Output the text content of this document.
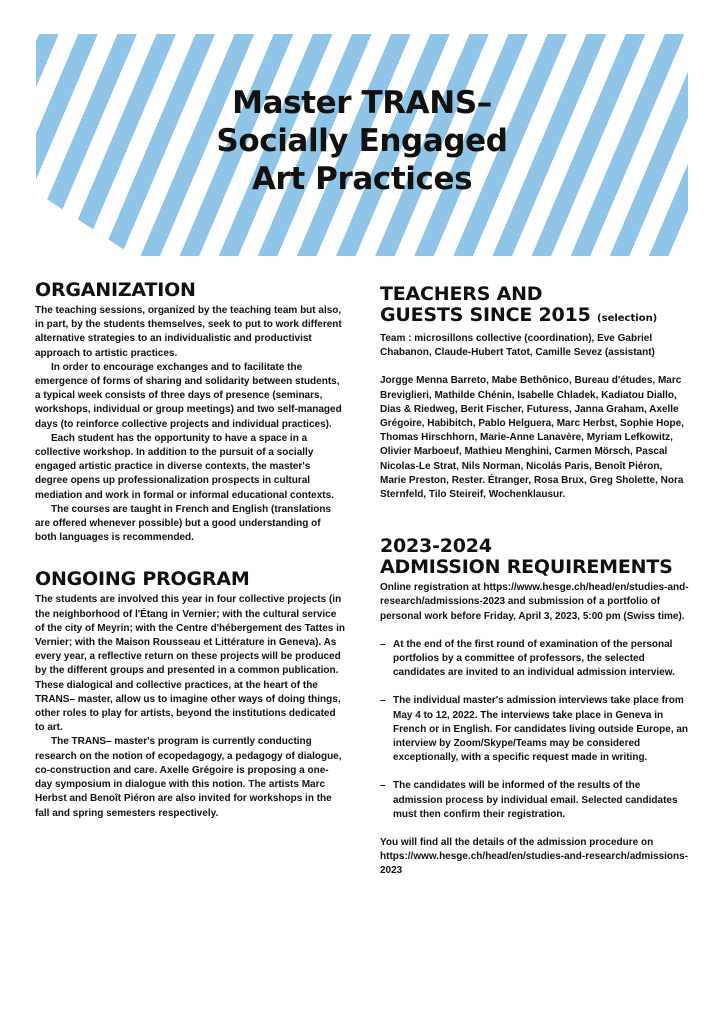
Master TRANS–
Socially Engaged
Art Practices
ORGANIZATION

The teaching sessions, organized by the teaching team but also, in part, by the students themselves, seek to put to work different alternative strategies to an individualistic and productivist approach to artistic practices.

In order to encourage exchanges and to facilitate the emergence of forms of sharing and solidarity between students, a typical week consists of three days of presence (seminars, workshops, individual or group meetings) and two self-managed days (to reinforce collective projects and individual practices).

Each student has the opportunity to have a space in a collective workshop. In addition to the pursuit of a socially engaged artistic practice in diverse contexts, the master's degree opens up professionalization prospects in cultural mediation and work in formal or informal educational contexts.

The courses are taught in French and English (translations are offered whenever possible) but a good understanding of both languages is recommended.

ONGOING PROGRAM

The students are involved this year in four collective projects (in the neighborhood of l'Étang in Vernier; with the cultural service of the city of Meyrin; with the Centre d'hébergement des Tattes in Vernier; with the Maison Rousseau et Littérature in Geneva). As every year, a reflective return on these projects will be produced by the different groups and presented in a common publication. These dialogical and collective practices, at the heart of the TRANS– master, allow us to imagine other ways of doing things, other roles to play for artists, beyond the institutions dedicated to art.

The TRANS– master's program is currently conducting research on the notion of ecopedagogy, a pedagogy of dialogue, co-construction and care. Axelle Grégoire is proposing a one-day symposium in dialogue with this notion. The artists Marc Herbst and Benoît Piéron are also invited for workshops in the fall and spring semesters respectively.

TEACHERS AND
GUESTS SINCE 2015 (selection)

Team : microsillons collective (coordination), Eve Gabriel Chabanon, Claude-Hubert Tatot, Camille Sevez (assistant)

Jorgge Menna Barreto, Mabe Bethônico, Bureau d'études, Marc Breviglieri, Mathilde Chénin, Isabelle Chladek, Kadiatou Diallo, Dias & Riedweg, Berit Fischer, Futuress, Janna Graham, Axelle Grégoire, Habibitch, Pablo Helguera, Marc Herbst, Sophie Hope, Thomas Hirschhorn, Marie-Anne Lanavère, Myriam Lefkowitz, Olivier Marboeuf, Mathieu Menghini, Carmen Mörsch, Pascal Nicolas-Le Strat, Nils Norman, Nicolás Paris, Benoît Piéron, Marie Preston, Rester. Étranger, Rosa Brux, Greg Sholette, Nora Sternfeld, Tilo Steireif, Wochenklausur.

2023-2024
ADMISSION REQUIREMENTS

Online registration at https://www.hesge.ch/head/en/studies-and-research/admissions-2023 and submission of a portfolio of personal work before Friday, April 3, 2023, 5:00 pm (Swiss time).

– At the end of the first round of examination of the personal portfolios by a committee of professors, the selected candidates are invited to an individual admission interview.
– The individual master's admission interviews take place from May 4 to 12, 2022. The interviews take place in Geneva in French or in English. For candidates living outside Europe, an interview by Zoom/Skype/Teams may be considered exceptionally, with a specific request made in writing.
– The candidates will be informed of the results of the admission process by individual email. Selected candidates must then confirm their registration.

You will find all the details of the admission procedure on https://www.hesge.ch/head/en/studies-and-research/admissions-2023
